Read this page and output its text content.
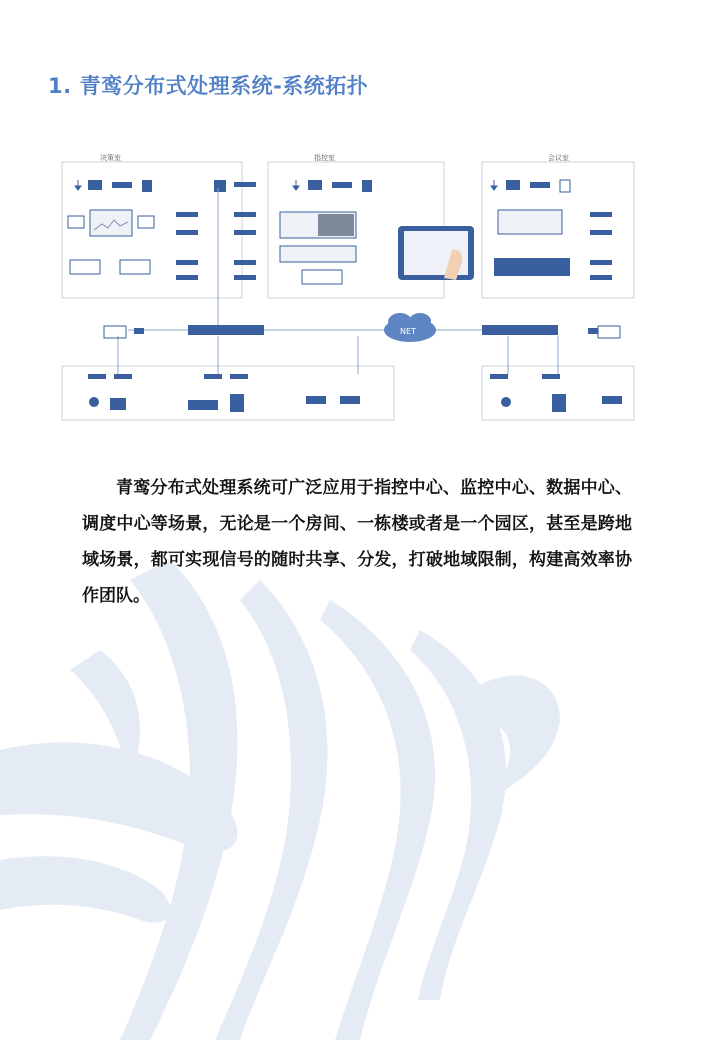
1. 青鸾分布式处理系统-系统拓扑
决策室	指控室	会议室
NET

青鸾分布式处理系统可广泛应用于指控中心、监控中心、数据中心、调度中心等场景，无论是一个房间、一栋楼或者是一个园区，甚至是跨地域场景，都可实现信号的随时共享、分发，打破地域限制，构建高效率协作团队。
